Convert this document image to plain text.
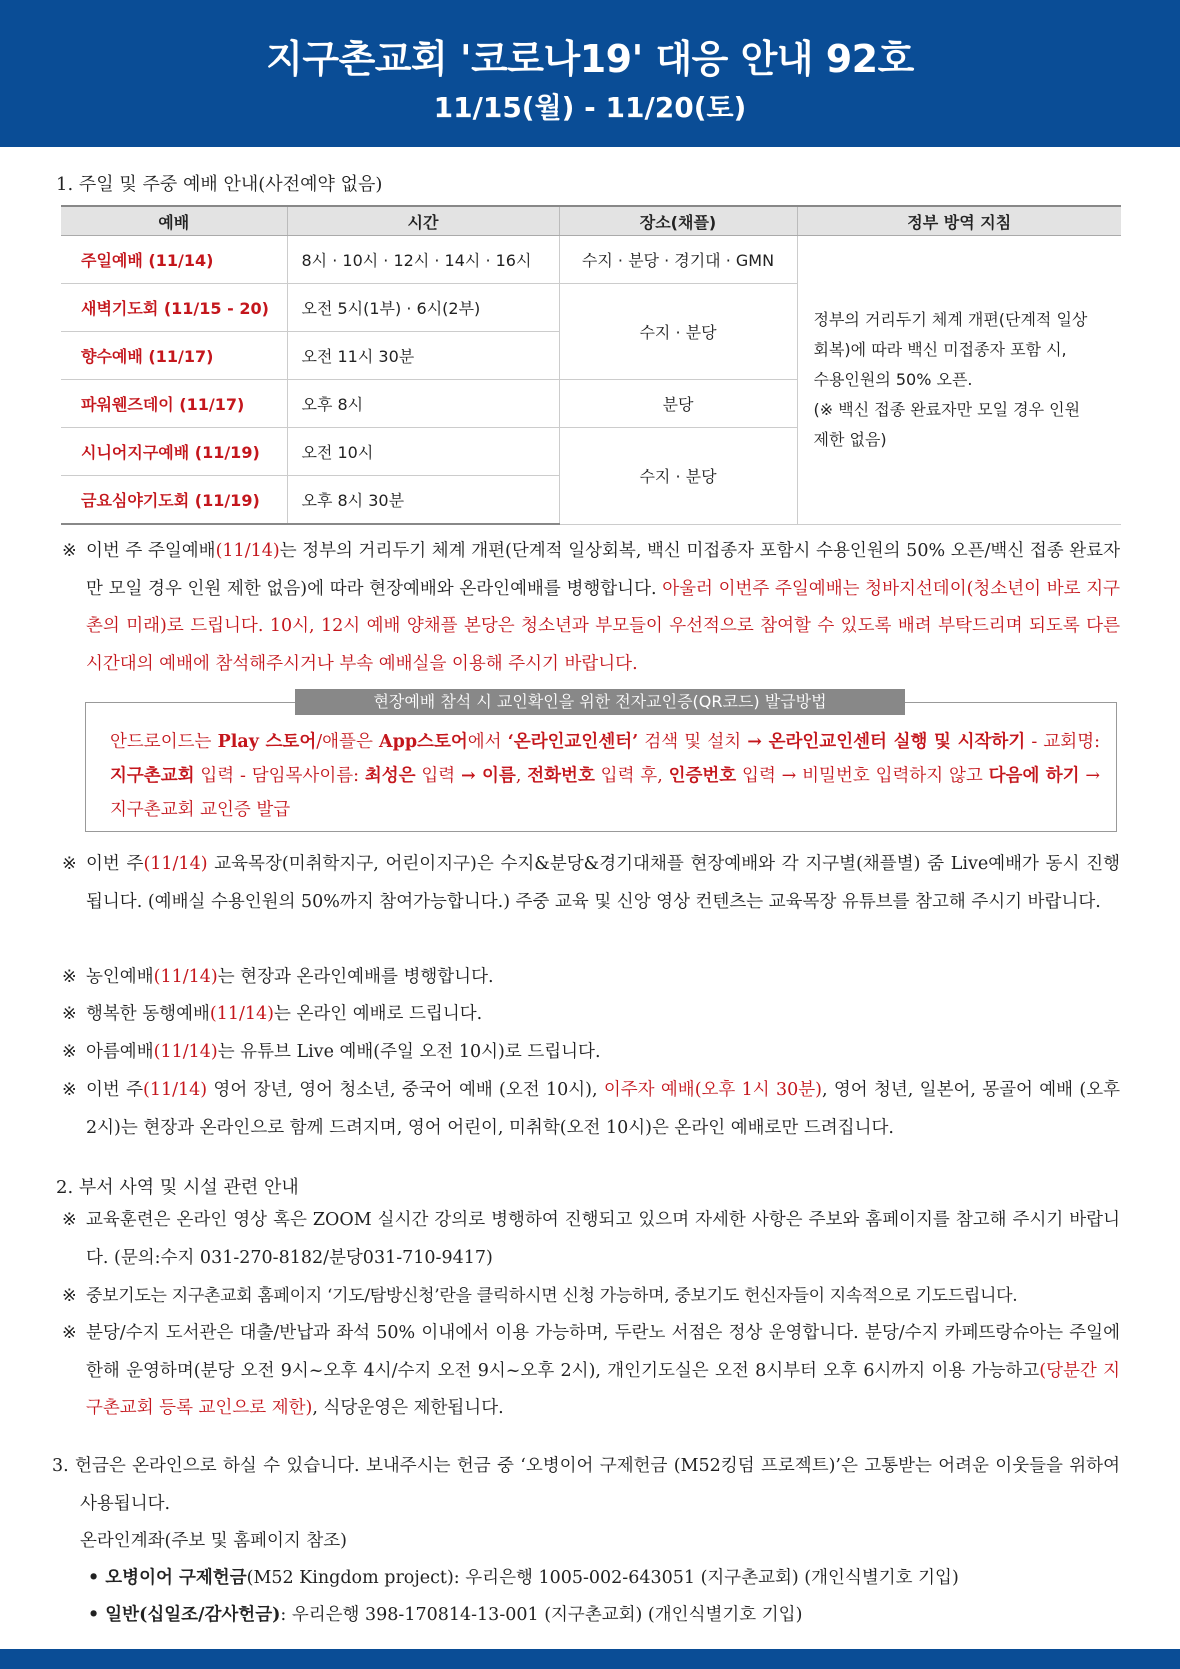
지구촌교회 '코로나19' 대응 안내 92호
11/15(월) - 11/20(토)
1. 주일 및 주중 예배 안내(사전예약 없음)
예배	시간	장소(채플)	정부 방역 지침
주일예배 (11/14)	8시 · 10시 · 12시 · 14시 · 16시	수지 · 분당 · 경기대 · GMN	정부의 거리두기 체계 개편(단계적 일상
회복)에 따라 백신 미접종자 포함 시,
수용인원의 50% 오픈.
(※ 백신 접종 완료자만 모일 경우 인원
제한 없음)

새벽기도회 (11/15 - 20)	오전 5시(1부) · 6시(2부)	수지 · 분당	
향수예배 (11/17)	오전 11시 30분		
파워웬즈데이 (11/17)	오후 8시	분당	
시니어지구예배 (11/19)	오전 10시	수지 · 분당	
금요심야기도회 (11/19)	오후 8시 30분		
※ 이번 주 주일예배(11/14)는 정부의 거리두기 체계 개편(단계적 일상회복, 백신 미접종자 포함시 수용인원의 50% 오픈/백신 접종 완료자만 모일 경우 인원 제한 없음)에 따라 현장예배와 온라인예배를 병행합니다. 아울러 이번주 주일예배는 청바지선데이(청소년이 바로 지구촌의 미래)로 드립니다. 10시, 12시 예배 양채플 본당은 청소년과 부모들이 우선적으로 참여할 수 있도록 배려 부탁드리며 되도록 다른 시간대의 예배에 참석해주시거나 부속 예배실을 이용해 주시기 바랍니다.
안드로이드는 Play 스토어/애플은 App스토어에서 ‘온라인교인센터’ 검색 및 설치 → 온라인교인센터 실행 및 시작하기 - 교회명: 지구촌교회 입력 - 담임목사이름: 최성은 입력 → 이름, 전화번호 입력 후, 인증번호 입력 → 비밀번호 입력하지 않고 다음에 하기 → 지구촌교회 교인증 발급
현장예배 참석 시 교인확인을 위한 전자교인증(QR코드) 발급방법
※ 이번 주(11/14) 교육목장(미취학지구, 어린이지구)은 수지&분당&경기대채플 현장예배와 각 지구별(채플별) 줌 Live예배가 동시 진행됩니다. (예배실 수용인원의 50%까지 참여가능합니다.) 주중 교육 및 신앙 영상 컨텐츠는 교육목장 유튜브를 참고해 주시기 바랍니다.
※ 농인예배(11/14)는 현장과 온라인예배를 병행합니다.
※ 행복한 동행예배(11/14)는 온라인 예배로 드립니다.
※ 아름예배(11/14)는 유튜브 Live 예배(주일 오전 10시)로 드립니다.
※ 이번 주(11/14) 영어 장년, 영어 청소년, 중국어 예배 (오전 10시), 이주자 예배(오후 1시 30분), 영어 청년, 일본어, 몽골어 예배 (오후 2시)는 현장과 온라인으로 함께 드려지며, 영어 어린이, 미취학(오전 10시)은 온라인 예배로만 드려집니다.
2. 부서 사역 및 시설 관련 안내
※ 교육훈련은 온라인 영상 혹은 ZOOM 실시간 강의로 병행하여 진행되고 있으며 자세한 사항은 주보와 홈페이지를 참고해 주시기 바랍니다. (문의:수지 031-270-8182/분당031-710-9417)
※ 중보기도는 지구촌교회 홈페이지 ‘기도/탐방신청’란을 클릭하시면 신청 가능하며, 중보기도 헌신자들이 지속적으로 기도드립니다.
※ 분당/수지 도서관은 대출/반납과 좌석 50% 이내에서 이용 가능하며, 두란노 서점은 정상 운영합니다. 분당/수지 카페뜨랑슈아는 주일에 한해 운영하며(분당 오전 9시~오후 4시/수지 오전 9시~오후 2시), 개인기도실은 오전 8시부터 오후 6시까지 이용 가능하고(당분간 지구촌교회 등록 교인으로 제한), 식당운영은 제한됩니다.
3. 헌금은 온라인으로 하실 수 있습니다. 보내주시는 헌금 중 ‘오병이어 구제헌금 (M52킹덤 프로젝트)’은 고통받는 어려운 이웃들을 위하여 사용됩니다.
온라인계좌(주보 및 홈페이지 참조)
• 오병이어 구제헌금(M52 Kingdom project): 우리은행 1005-002-643051 (지구촌교회) (개인식별기호 기입)
• 일반(십일조/감사헌금): 우리은행 398-170814-13-001 (지구촌교회) (개인식별기호 기입)
